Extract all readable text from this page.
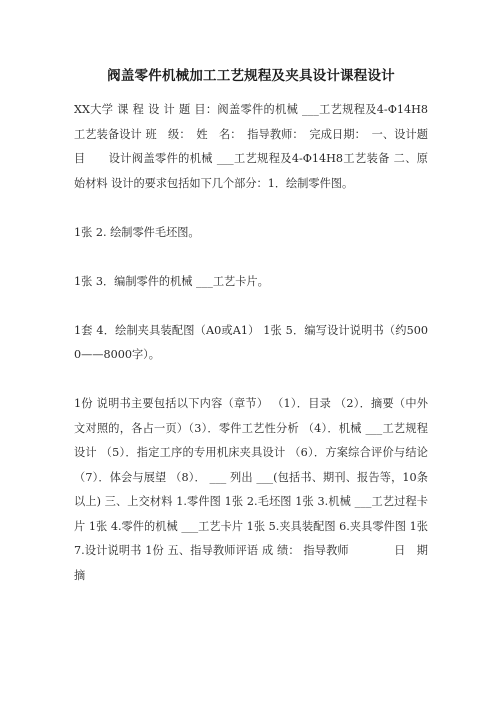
阀盖零件机械加工工艺规程及夹具设计课程设计

XX大学 课 程 设 计 题 目：阀盖零件的机械 ___工艺规程及4-Φ14H8工艺装备设计 班　级：　姓　名：　指导教师：　完成日期：　一、设计题目　　设计阀盖零件的机械 ___工艺规程及4-Φ14H8工艺装备 二、原始材料 设计的要求包括如下几个部分：1．绘制零件图。

1张 2. 绘制零件毛坯图。

1张 3．编制零件的机械 ___工艺卡片。

1套 4．绘制夹具装配图（A0或A1） 1张 5．编写设计说明书（约5000——8000字）。

1份 说明书主要包括以下内容（章节） （1）．目录 （2）．摘要（中外文对照的，各占一页）（3）．零件工艺性分析 （4）．机械 ___工艺规程设计 （5）．指定工序的专用机床夹具设计 （6）．方案综合评价与结论 （7）．体会与展望 （8）． ___ 列出 ___(包括书、期刊、报告等，10条以上) 三、上交材料 1.零件图 1张 2.毛坯图 1张 3.机械 ___工艺过程卡片 1张 4.零件的机械 ___工艺卡片 1张 5.夹具装配图 6.夹具零件图 1张 7.设计说明书 1份 五、指导教师评语 成 绩： 指导教师　　　　日　期　　　　摘
